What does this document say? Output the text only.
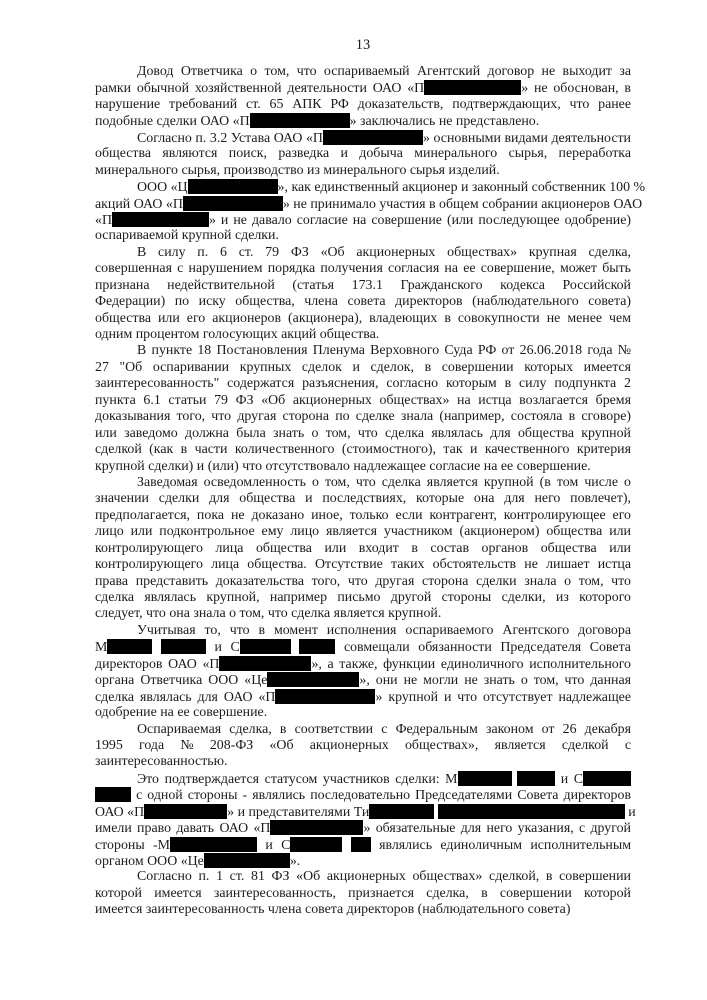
13
Довод Ответчика о том, что оспариваемый Агентский договор не выходит за
рамки обычной хозяйственной деятельности ОАО «П	» не обоснован, в
нарушение требований ст. 65 АПК РФ доказательств, подтверждающих, что ранее
подобные сделки ОАО «П	» заключались не представлено.
Согласно п. 3.2 Устава ОАО «П	» основными видами деятельности
общества являются поиск, разведка и добыча минерального сырья, переработка
минерального сырья, производство из минерального сырья изделий.
ООО «Ц	», как единственный акционер и законный собственник 100 %
акций ОАО «П	» не принимало участия в общем собрании акционеров ОАО
«П	» и не давало согласие на совершение (или последующее одобрение)
оспариваемой крупной сделки.
В силу п. 6 ст. 79 ФЗ «Об акционерных обществах» крупная сделка,
совершенная с нарушением порядка получения согласия на ее совершение, может быть
признана недействительной (статья 173.1 Гражданского кодекса Российской
Федерации) по иску общества, члена совета директоров (наблюдательного совета)
общества или его акционеров (акционера), владеющих в совокупности не менее чем
одним процентом голосующих акций общества.
В пункте 18 Постановления Пленума Верховного Суда РФ от 26.06.2018 года №
27 "Об оспаривании крупных сделок и сделок, в совершении которых имеется
заинтересованность" содержатся разъяснения, согласно которым в силу подпункта 2
пункта 6.1 статьи 79 ФЗ «Об акционерных обществах» на истца возлагается бремя
доказывания того, что другая сторона по сделке знала (например, состояла в сговоре)
или заведомо должна была знать о том, что сделка являлась для общества крупной
сделкой (как в части количественного (стоимостного), так и качественного критерия
крупной сделки) и (или) что отсутствовало надлежащее согласие на ее совершение.
Заведомая осведомленность о том, что сделка является крупной (в том числе о
значении сделки для общества и последствиях, которые она для него повлечет),
предполагается, пока не доказано иное, только если контрагент, контролирующее его
лицо или подконтрольное ему лицо является участником (акционером) общества или
контролирующего лица общества или входит в состав органов общества или
контролирующего лица общества. Отсутствие таких обстоятельств не лишает истца
права представить доказательства того, что другая сторона сделки знала о том, что
сделка являлась крупной, например письмо другой стороны сделки, из которого
следует, что она знала о том, что сделка является крупной.
Учитывая то, что в момент исполнения оспариваемого Агентского договора
М	и С	совмещали обязанности Председателя Совета
директоров ОАО «П	», а также, функции единоличного исполнительного
органа Ответчика ООО «Це	», они не могли не знать о том, что данная
сделка являлась для ОАО «П	» крупной и что отсутствует надлежащее
одобрение на ее совершение.
Оспариваемая сделка, в соответствии с Федеральным законом от 26 декабря
1995 года № 208-ФЗ «Об акционерных обществах», является сделкой с
заинтересованностью.
Это подтверждается статусом участников сделки: М	и С
с одной стороны - являлись последовательно Председателями Совета директоров
ОАО «П	» и представителями Ти	и
имели право давать ОАО «П	» обязательные для него указания, с другой
стороны -М	и С	являлись единоличным исполнительным
органом ООО «Це	».
Согласно п. 1 ст. 81 ФЗ «Об акционерных обществах» сделкой, в совершении
которой имеется заинтересованность, признается сделка, в совершении которой
имеется заинтересованность члена совета директоров (наблюдательного совета)
